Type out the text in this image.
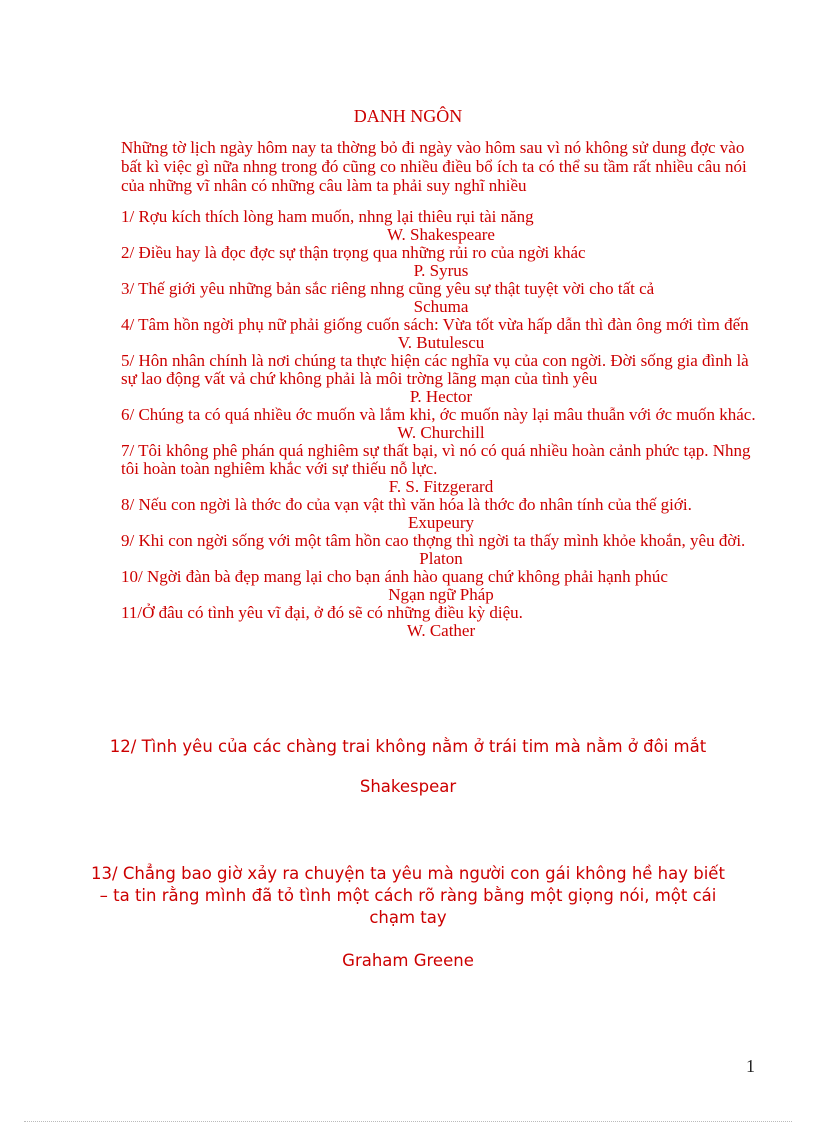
DANH NGÔN

Những tờ lịch ngày hôm nay ta thờng bỏ đi ngày vào hôm sau vì nó không sử dung đợc vào bất kì việc gì nữa nhng trong đó cũng co nhiều điều bổ ích ta có thể su tầm rất nhiều câu nói của những vĩ nhân có những câu làm ta phải suy nghĩ nhiều

1/ Rợu kích thích lòng ham muốn, nhng lại thiêu rụi tài năng

W. Shakespeare

2/ Điều hay là đọc đợc sự thận trọng qua những rủi ro của ngời khác

P. Syrus

3/ Thế giới yêu những bản sắc riêng nhng cũng yêu sự thật tuyệt vời cho tất cả

Schuma

4/ Tâm hồn ngời phụ nữ phải giống cuốn sách: Vừa tốt vừa hấp dẫn thì đàn ông mới tìm đến

V. Butulescu

5/ Hôn nhân chính là nơi chúng ta thực hiện các nghĩa vụ của con ngời. Đời sống gia đình là sự lao động vất vả chứ không phải là môi trờng lãng mạn của tình yêu

P. Hector

6/ Chúng ta có quá nhiều ớc muốn và lắm khi, ớc muốn này lại mâu thuẫn với ớc muốn khác.

W. Churchill

7/ Tôi không phê phán quá nghiêm sự thất bại, vì nó có quá nhiều hoàn cảnh phức tạp. Nhng tôi hoàn toàn nghiêm khắc với sự thiếu nỗ lực.

F. S. Fitzgerard

8/ Nếu con ngời là thớc đo của vạn vật thì văn hóa là thớc đo nhân tính của thế giới.

Exupeury

9/ Khi con ngời sống với một tâm hồn cao thợng thì ngời ta thấy mình khỏe khoắn, yêu đời.

Platon

10/ Ngời đàn bà đẹp mang lại cho bạn ánh hào quang chứ không phải hạnh phúc

Ngạn ngữ Pháp

11/Ở đâu có tình yêu vĩ đại, ở đó sẽ có những điều kỳ diệu.

W. Cather

12/ Tình yêu của các chàng trai không nằm ở trái tim mà nằm ở đôi mắt

Shakespear

13/ Chẳng bao giờ xảy ra chuyện ta yêu mà người con gái không hề hay biết – ta tin rằng mình đã tỏ tình một cách rõ ràng bằng một giọng nói, một cái chạm tay

Graham Greene

1
